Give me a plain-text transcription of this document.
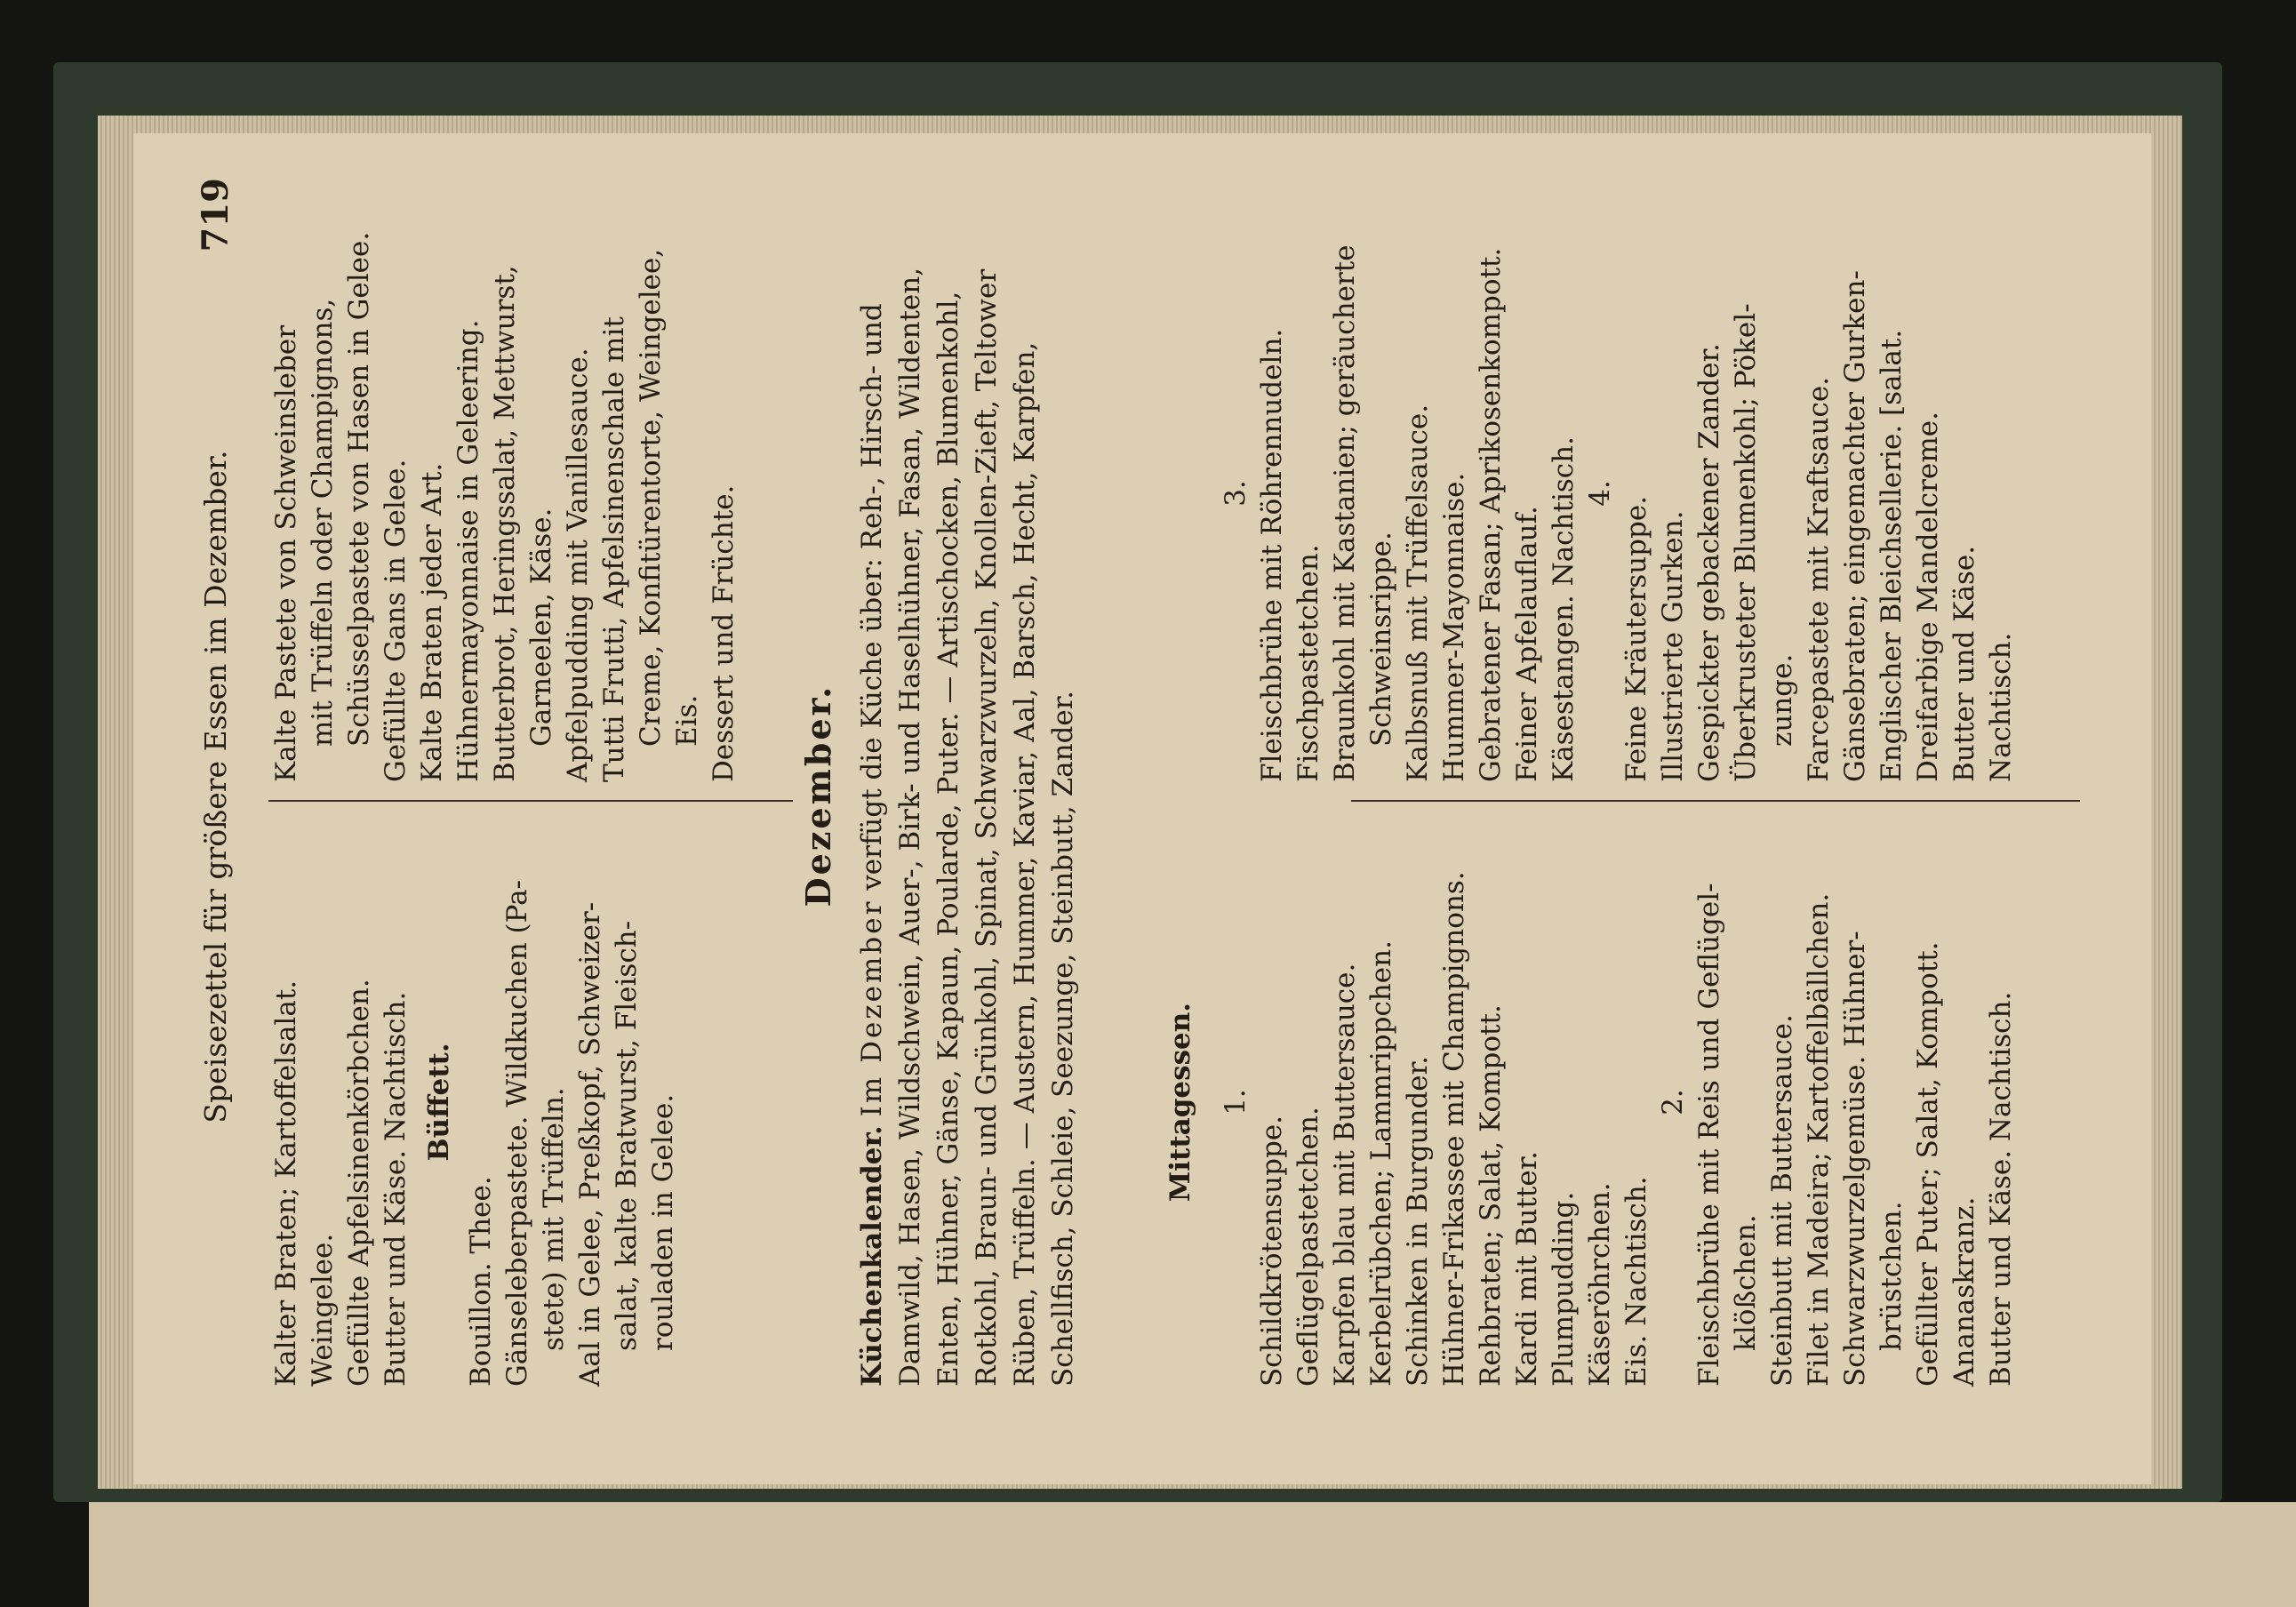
Speisezettel für größere Essen im Dezember.
719
Kalter Braten; Kartoffelsalat. Weingelee. Gefüllte Apfelsinenkörbchen. Butter und Käse. Nachtisch. Büffett.
Bouillon. Thee. Gänseleberpastete. Wildkuchen (Pa- stete) mit Trüffeln. Aal in Gelee, Preßkopf, Schweizer- salat, kalte Bratwurst, Fleisch- rouladen in Gelee.
Kalte Pastete von Schweinsleber mit Trüffeln oder Champignons, Schüsselpastete von Hasen in Gelee. Gefüllte Gans in Gelee. Kalte Braten jeder Art. Hühnermayonnaise in Geleering. Butterbrot, Heringssalat, Mettwurst, Garneelen, Käse. Apfelpudding mit Vanillesauce. Tutti Frutti, Apfelsinenschale mit Creme, Konfitürentorte, Weingelee, Eis. Dessert und Früchte.
Dezember.
Küchenkalender. Im Dezember verfügt die Küche über: Reh-, Hirsch- und Damwild, Hasen, Wildschwein, Auer-, Birk- und Haselhühner, Fasan, Wildenten, Enten, Hühner, Gänse, Kapaun, Poularde, Puter. — Artischocken, Blumenkohl, Rotkohl, Braun- und Grünkohl, Spinat, Schwarzwurzeln, Knollen-Zieft, Teltower Rüben, Trüffeln. — Austern, Hummer, Kaviar, Aal, Barsch, Hecht, Karpfen, Schellfisch, Schleie, Seezunge, Steinbutt, Zander.	Mittagessen. 1.
Schildkrötensuppe. Geflügelpastetchen. Karpfen blau mit Buttersauce. Kerbelrübchen; Lammrippchen. Schinken in Burgunder. Hühner-Frikassee mit Champignons. Rehbraten; Salat, Kompott. Kardi mit Butter. Plumpudding. Käseröhrchen. Eis. Nachtisch.
2. Fleischbrühe mit Reis und Geflügel- klößchen. Steinbutt mit Buttersauce. Filet in Madeira; Kartoffelbällchen. Schwarzwurzelgemüse. Hühner- brüstchen. Gefüllter Puter; Salat, Kompott. Ananaskranz. Butter und Käse. Nachtisch.
3. Fleischbrühe mit Röhrennudeln. Fischpastetchen. Braunkohl mit Kastanien; geräucherte Schweinsrippe. Kalbsnuß mit Trüffelsauce. Hummer-Mayonnaise. Gebratener Fasan; Aprikosenkompott. Feiner Apfelauflauf. Käsestangen. Nachtisch. 4.
Feine Kräutersuppe. Illustrierte Gurken. Gespickter gebackener Zander. Überkrusteter Blumenkohl; Pökel- zunge. Farcepastete mit Kraftsauce. Gänsebraten; eingemachter Gurken- Englischer Bleichsellerie. [salat. Dreifarbige Mandelcreme. Butter und Käse. Nachtisch.
